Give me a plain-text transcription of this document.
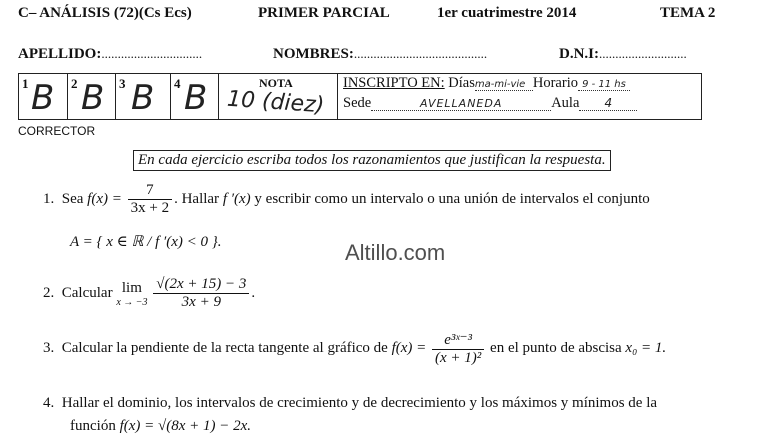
C– ANÁLISIS (72)(Cs Ecs)	PRIMER PARCIAL	1er cuatrimestre 2014	TEMA 2
APELLIDO:...............................	NOMBRES:.........................................	D.N.I:...........................
1 B 2 B 3 B 4 B	NOTA
10 (diez)
INSCRIPTO EN: Díasma-mi-vie Horario 9 - 11 hs
Sede	AVELLANEDA	Aula 4
CORRECTOR
En cada ejercicio escriba todos los razonamientos que justifican la respuesta.
Altillo.com
1. Sea $f(x) = \frac{7}{3x + 2}$ . Hallar f ′(x) y escribir como un intervalo o una unión de intervalos el conjunto
A = { x ∈ ℝ / f ′(x) < 0 }.
2. Calcular lim
x → −3
$\frac{√(2x + 15) - 3}{3x + 9}$ .
3. Calcular la pendiente de la recta tangente al gráfico de $f(x) = \frac{\text{e³ˣ⁻³}}{\text{(x + 1)²}}$ en el punto de abscisa x₀ = 1.
4. Hallar el dominio, los intervalos de crecimiento y de decrecimiento y los máximos y mínimos de la
función f(x) = √(8x + 1) − 2x.
